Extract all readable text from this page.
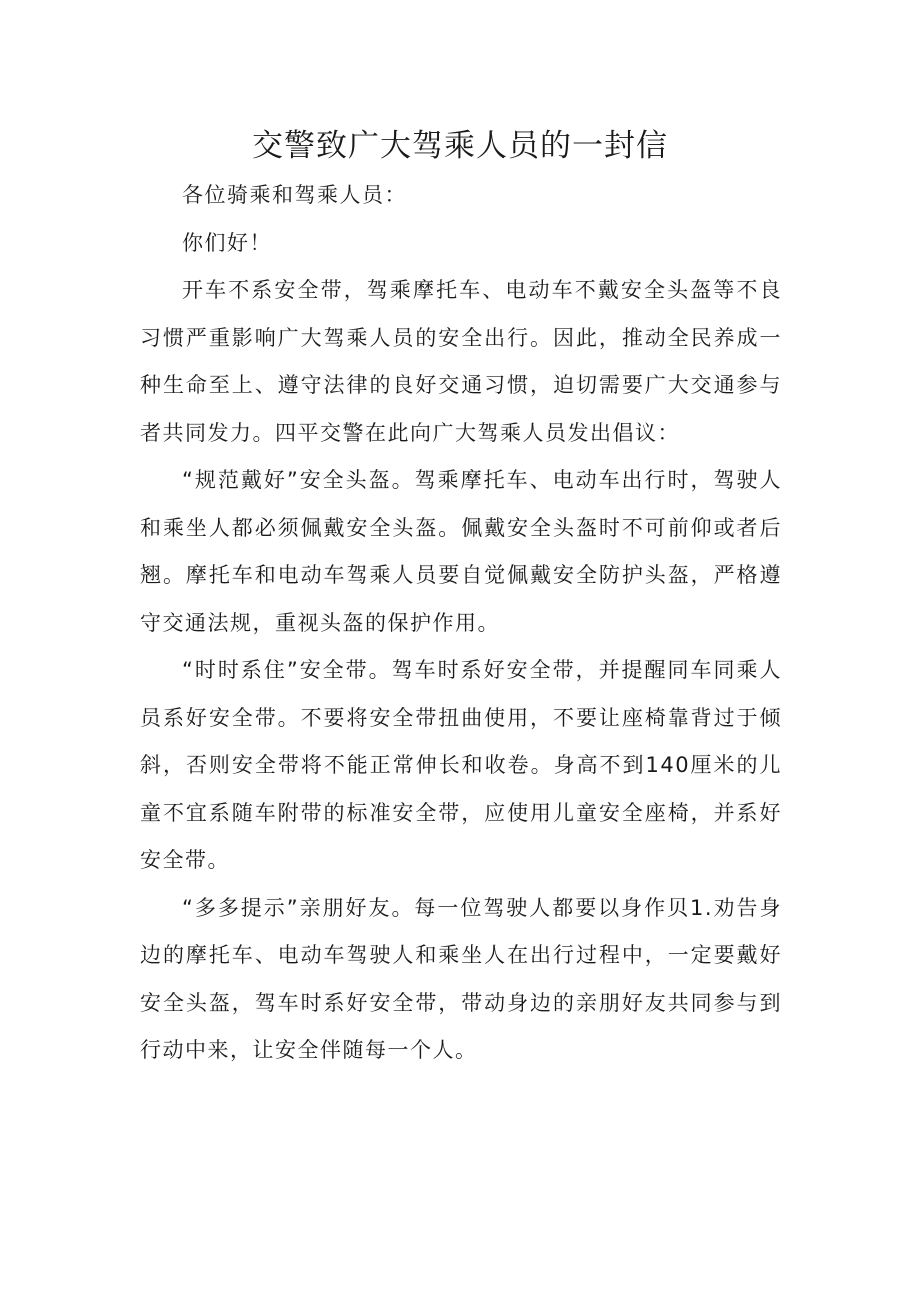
交警致广大驾乘人员的一封信

各位骑乘和驾乘人员：

你们好！

开车不系安全带，驾乘摩托车、电动车不戴安全头盔等不良习惯严重影响广大驾乘人员的安全出行。因此，推动全民养成一种生命至上、遵守法律的良好交通习惯，迫切需要广大交通参与者共同发力。四平交警在此向广大驾乘人员发出倡议：

“规范戴好”安全头盔。驾乘摩托车、电动车出行时，驾驶人和乘坐人都必须佩戴安全头盔。佩戴安全头盔时不可前仰或者后翘。摩托车和电动车驾乘人员要自觉佩戴安全防护头盔，严格遵守交通法规，重视头盔的保护作用。

“时时系住”安全带。驾车时系好安全带，并提醒同车同乘人员系好安全带。不要将安全带扭曲使用，不要让座椅靠背过于倾斜，否则安全带将不能正常伸长和收卷。身高不到140厘米的儿童不宜系随车附带的标准安全带，应使用儿童安全座椅，并系好安全带。

“多多提示”亲朋好友。每一位驾驶人都要以身作贝1.劝告身边的摩托车、电动车驾驶人和乘坐人在出行过程中，一定要戴好安全头盔，驾车时系好安全带，带动身边的亲朋好友共同参与到行动中来，让安全伴随每一个人。
